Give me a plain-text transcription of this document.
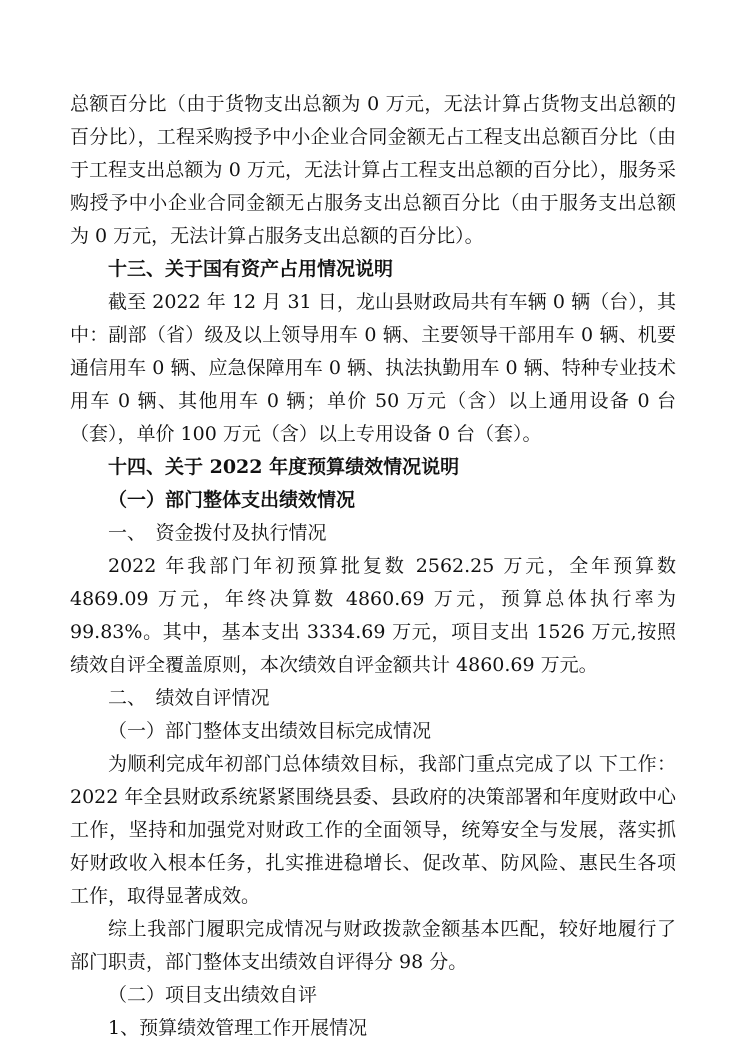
总额百分比（由于货物支出总额为 0 万元，无法计算占货物支出总额的百分比），工程采购授予中小企业合同金额无占工程支出总额百分比（由于工程支出总额为 0 万元，无法计算占工程支出总额的百分比），服务采购授予中小企业合同金额无占服务支出总额百分比（由于服务支出总额为 0 万元，无法计算占服务支出总额的百分比）。

十三、关于国有资产占用情况说明

截至 2022 年 12 月 31 日，龙山县财政局共有车辆 0 辆（台），其中：副部（省）级及以上领导用车 0 辆、主要领导干部用车 0 辆、机要通信用车 0 辆、应急保障用车 0 辆、执法执勤用车 0 辆、特种专业技术用车 0 辆、其他用车 0 辆；单价 50 万元（含）以上通用设备 0 台（套），单价 100 万元（含）以上专用设备 0 台（套）。

十四、关于 2022 年度预算绩效情况说明

（一）部门整体支出绩效情况

一、　资金拨付及执行情况

2022 年我部门年初预算批复数 2562.25 万元，全年预算数 4869.09 万元，年终决算数 4860.69 万元，预算总体执行率为 99.83%。其中，基本支出 3334.69 万元，项目支出 1526 万元,按照绩效自评全覆盖原则，本次绩效自评金额共计 4860.69 万元。

二、　绩效自评情况

（一）部门整体支出绩效目标完成情况

为顺利完成年初部门总体绩效目标，我部门重点完成了以 下工作：2022 年全县财政系统紧紧围绕县委、县政府的决策部署和年度财政中心工作，坚持和加强党对财政工作的全面领导，统筹安全与发展，落实抓好财政收入根本任务，扎实推进稳增长、促改革、防风险、惠民生各项工作，取得显著成效。

综上我部门履职完成情况与财政拨款金额基本匹配，较好地履行了部门职责，部门整体支出绩效自评得分 98 分。

（二）项目支出绩效自评

1、预算绩效管理工作开展情况
